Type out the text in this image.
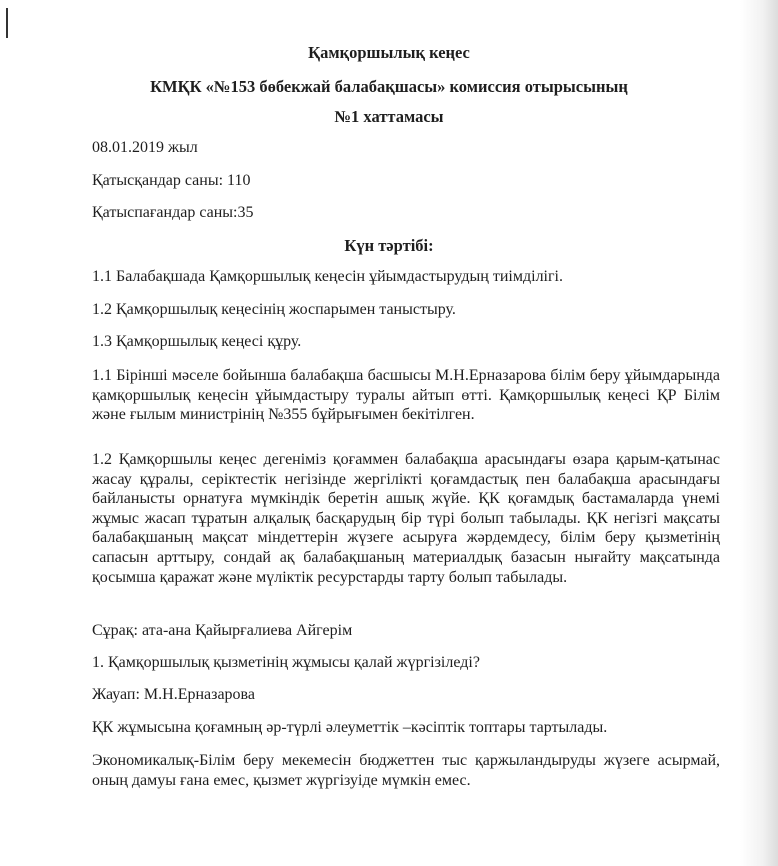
Қамқоршылық кеңес
КМҚК «№153 бөбекжай балабақшасы» комиссия отырысының
№1 хаттамасы
08.01.2019 жыл
Қатысқандар саны: 110
Қатыспағандар саны:35
Күн тәртібі:
1.1 Балабақшада Қамқоршылық кеңесін ұйымдастырудың тиімділігі.
1.2 Қамқоршылық кеңесінің жоспарымен таныстыру.
1.3 Қамқоршылық кеңесі құру.
1.1 Бірінші мәселе бойынша балабақша басшысы М.Н.Ерназарова білім беру ұйымдарында қамқоршылық кеңесін ұйымдастыру туралы айтып өтті. Қамқоршылық кеңесі ҚР Білім және ғылым министрінің №355 бұйрығымен бекітілген.
1.2 Қамқоршылы кеңес дегеніміз қоғаммен балабақша арасындағы өзара қарым-қатынас жасау құралы, серіктестік негізінде жергілікті қоғамдастық пен балабақша арасындағы байланысты орнатуға мүмкіндік беретін ашық жүйе. ҚК қоғамдық бастамаларда үнемі жұмыс жасап тұратын алқалық басқарудың бір түрі болып табылады. ҚК негізгі мақсаты балабақшаның мақсат міндеттерін жүзеге асыруға жәрдемдесу, білім беру қызметінің сапасын арттыру, сондай ақ балабақшаның материалдық базасын нығайту мақсатында қосымша қаражат және мүліктік ресурстарды тарту болып табылады.
Сұрақ: ата-ана Қайырғалиева Айгерім
1. Қамқоршылық қызметінің жұмысы қалай жүргізіледі?
Жауап: М.Н.Ерназарова
ҚК жұмысына қоғамның әр-түрлі әлеуметтік –кәсіптік топтары тартылады.
Экономикалық-Білім беру мекемесін бюджеттен тыс қаржыландыруды жүзеге асырмай, оның дамуы ғана емес, қызмет жүргізуіде мүмкін емес.
